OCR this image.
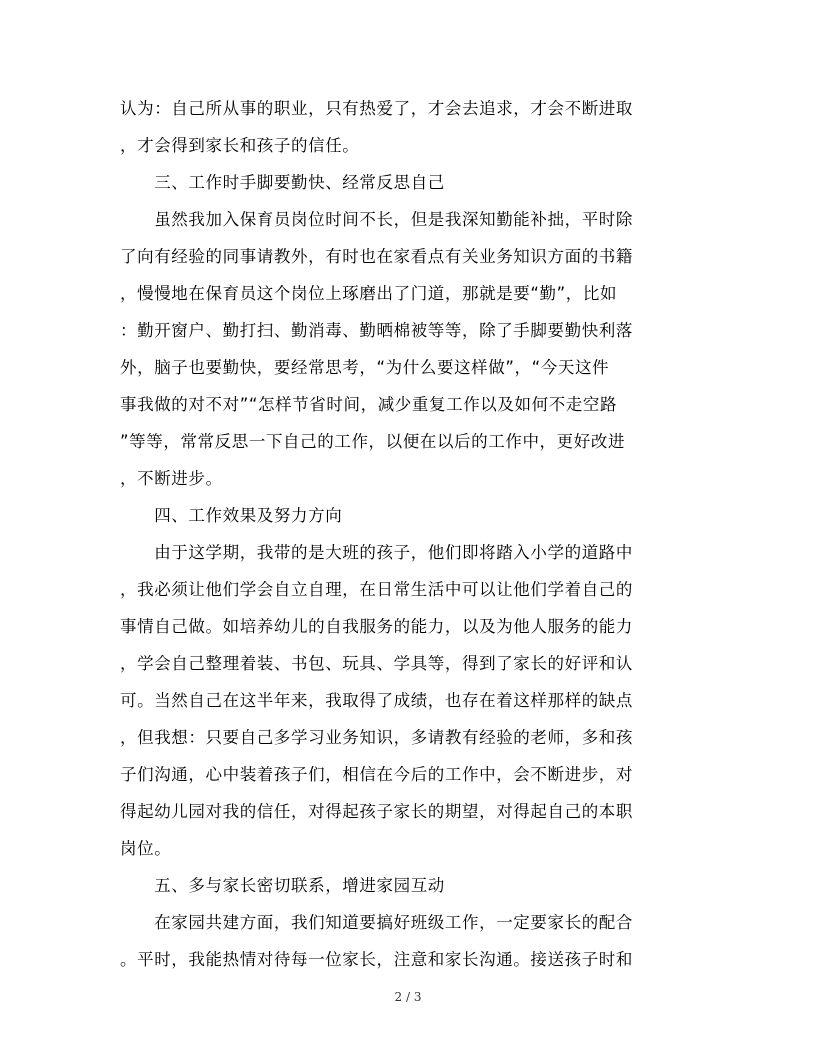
认为：自己所从事的职业，只有热爱了，才会去追求，才会不断进取
，才会得到家长和孩子的信任。
　　三、工作时手脚要勤快、经常反思自己
　　虽然我加入保育员岗位时间不长，但是我深知勤能补拙，平时除
了向有经验的同事请教外，有时也在家看点有关业务知识方面的书籍
，慢慢地在保育员这个岗位上琢磨出了门道，那就是要“勤”，比如
：勤开窗户、勤打扫、勤消毒、勤晒棉被等等，除了手脚要勤快利落
外，脑子也要勤快，要经常思考，“为什么要这样做”，“今天这件
事我做的对不对”“怎样节省时间，减少重复工作以及如何不走空路
”等等，常常反思一下自己的工作，以便在以后的工作中，更好改进
，不断进步。
　　四、工作效果及努力方向
　　由于这学期，我带的是大班的孩子，他们即将踏入小学的道路中
，我必须让他们学会自立自理，在日常生活中可以让他们学着自己的
事情自己做。如培养幼儿的自我服务的能力，以及为他人服务的能力
，学会自己整理着装、书包、玩具、学具等，得到了家长的好评和认
可。当然自己在这半年来，我取得了成绩，也存在着这样那样的缺点
，但我想：只要自己多学习业务知识，多请教有经验的老师，多和孩
子们沟通，心中装着孩子们，相信在今后的工作中，会不断进步，对
得起幼儿园对我的信任，对得起孩子家长的期望，对得起自己的本职
岗位。
　　五、多与家长密切联系，增进家园互动
　　在家园共建方面，我们知道要搞好班级工作，一定要家长的配合
。平时，我能热情对待每一位家长，注意和家长沟通。接送孩子时和
2 / 3
